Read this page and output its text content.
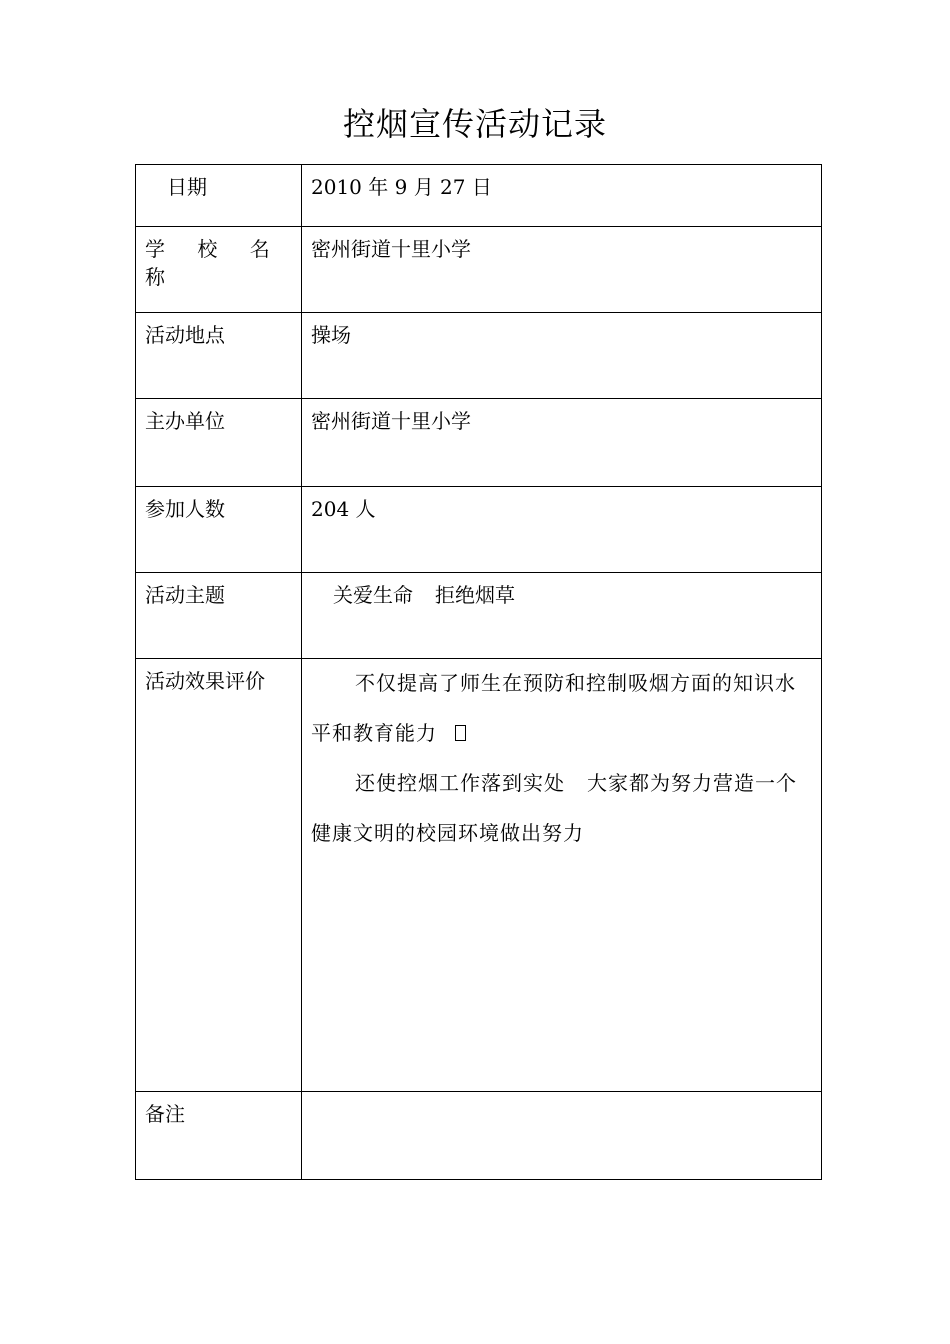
控烟宣传活动记录
日期	2010 年 9 月 27 日
学 校 名 称	密州街道十里小学
活动地点	操场
主办单位	密州街道十里小学
参加人数	204 人
活动主题	关爱生命 拒绝烟草
活动效果评价	不仅提高了师生在预防和控制吸烟方面的知识水平和教育能力

还使控烟工作落到实处 大家都为努力营造一个健康文明的校园环境做出努力

备注	
